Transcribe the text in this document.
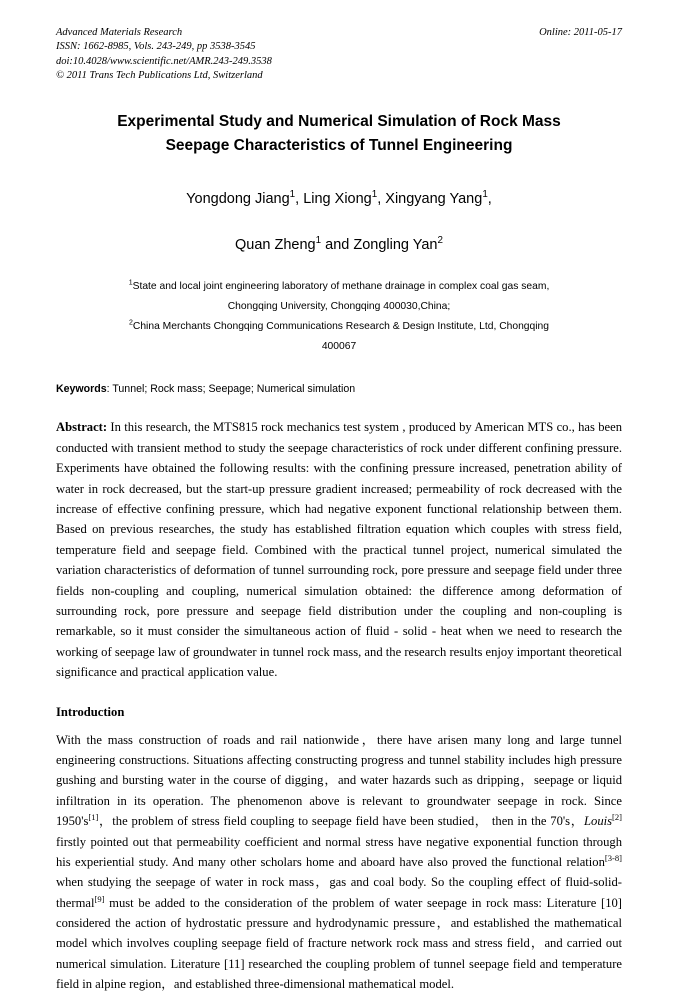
Advanced Materials Research
ISSN: 1662-8985, Vols. 243-249, pp 3538-3545
doi:10.4028/www.scientific.net/AMR.243-249.3538
© 2011 Trans Tech Publications Ltd, Switzerland
Online: 2011-05-17
Experimental Study and Numerical Simulation of Rock Mass
Seepage Characteristics of Tunnel Engineering
Yongdong Jiang$^1$, Ling Xiong$^1$, Xingyang Yang$^1$,
Quan Zheng$^1$ and Zongling Yan$^2$
$^1$State and local joint engineering laboratory of methane drainage in complex coal gas seam,
Chongqing University, Chongqing 400030,China;
$^2$China Merchants Chongqing Communications Research & Design Institute, Ltd, Chongqing
400067
Keywords: Tunnel; Rock mass; Seepage; Numerical simulation
Abstract: In this research, the MTS815 rock mechanics test system , produced by American MTS co., has been conducted with transient method to study the seepage characteristics of rock under different confining pressure. Experiments have obtained the following results: with the confining pressure increased, penetration ability of water in rock decreased, but the start-up pressure gradient increased; permeability of rock decreased with the increase of effective confining pressure, which had negative exponent functional relationship between them. Based on previous researches, the study has established filtration equation which couples with stress field, temperature field and seepage field. Combined with the practical tunnel project, numerical simulated the variation characteristics of deformation of tunnel surrounding rock, pore pressure and seepage field under three fields non-coupling and coupling, numerical simulation obtained: the difference among deformation of surrounding rock, pore pressure and seepage field distribution under the coupling and non-coupling is remarkable, so it must consider the simultaneous action of fluid - solid - heat when we need to research the working of seepage law of groundwater in tunnel rock mass, and the research results enjoy important theoretical significance and practical application value.
Introduction
With the mass construction of roads and rail nationwide，there have arisen many long and large tunnel engineering constructions. Situations affecting constructing progress and tunnel stability includes high pressure gushing and bursting water in the course of digging，and water hazards such as dripping，seepage or liquid infiltration in its operation. The phenomenon above is relevant to groundwater seepage in rock. Since 1950's[1]，the problem of stress field coupling to seepage field have been studied， then in the 70's，Louis[2] firstly pointed out that permeability coefficient and normal stress have negative exponential function through his experiential study. And many other scholars home and aboard have also proved the functional relation[3-8] when studying the seepage of water in rock mass，gas and coal body. So the coupling effect of fluid-solid-thermal[9] must be added to the consideration of the problem of water seepage in rock mass: Literature [10] considered the action of hydrostatic pressure and hydrodynamic pressure，and established the mathematical model which involves coupling seepage field of fracture network rock mass and stress field，and carried out numerical simulation. Literature [11] researched the coupling problem of tunnel seepage field and temperature field in alpine region，and established three-dimensional mathematical model.
